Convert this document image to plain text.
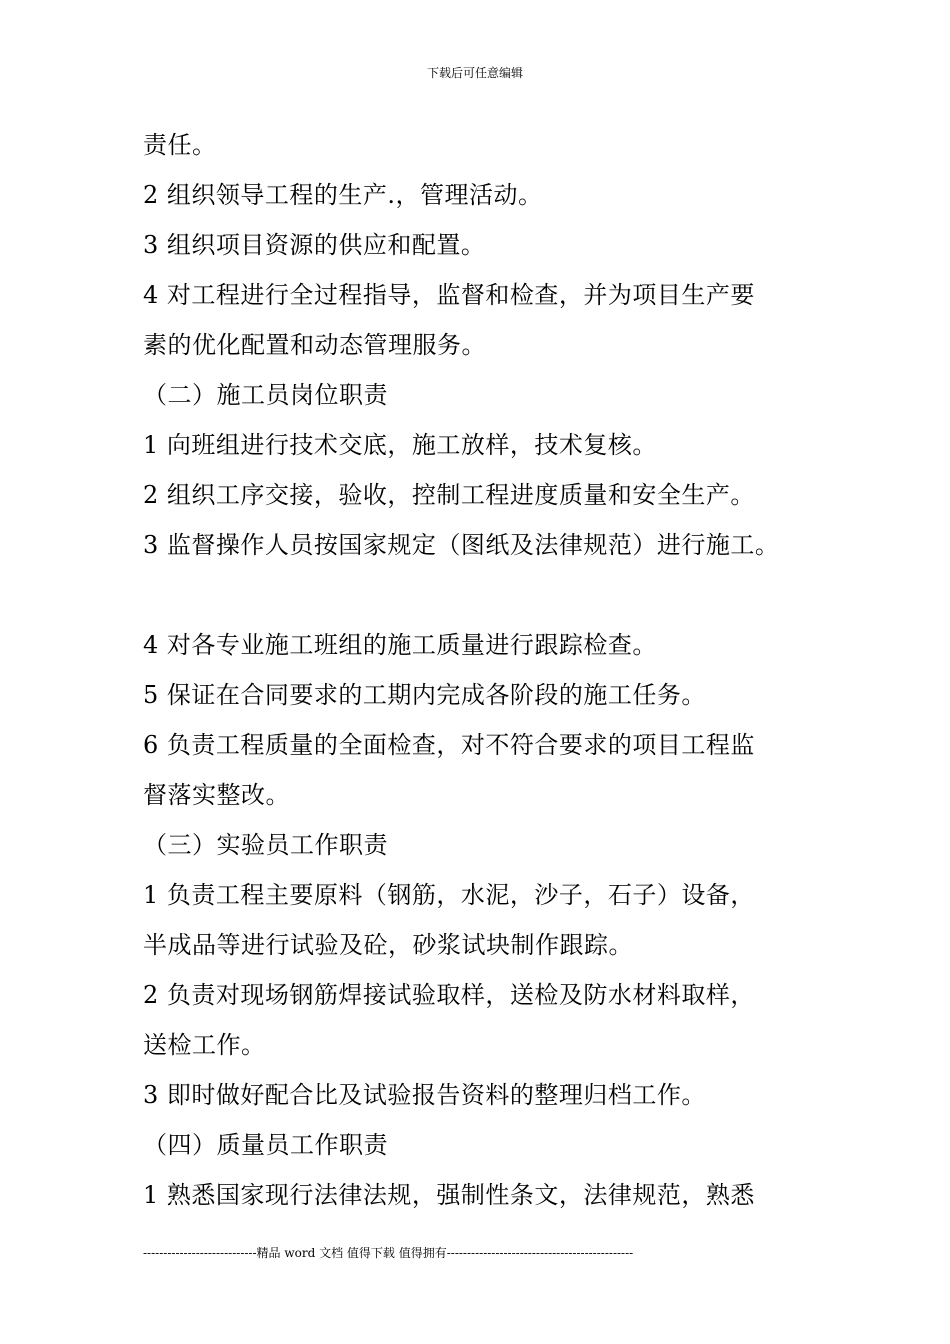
下载后可任意编辑
责任。
2 组织领导工程的生产.，管理活动。
3 组织项目资源的供应和配置。
4 对工程进行全过程指导，监督和检查，并为项目生产要
素的优化配置和动态管理服务。
（二）施工员岗位职责
1 向班组进行技术交底，施工放样，技术复核。
2 组织工序交接，验收，控制工程进度质量和安全生产。
3 监督操作人员按国家规定（图纸及法律规范）进行施工。
4 对各专业施工班组的施工质量进行跟踪检查。
5 保证在合同要求的工期内完成各阶段的施工任务。
6 负责工程质量的全面检查，对不符合要求的项目工程监
督落实整改。
（三）实验员工作职责
1 负责工程主要原料（钢筋，水泥，沙子，石子）设备，
半成品等进行试验及砼，砂浆试块制作跟踪。
2 负责对现场钢筋焊接试验取样，送检及防水材料取样，
送检工作。
3 即时做好配合比及试验报告资料的整理归档工作。
（四）质量员工作职责
1 熟悉国家现行法律法规，强制性条文，法律规范，熟悉
----------------------------精品 word 文档 值得下载 值得拥有----------------------------------------------
